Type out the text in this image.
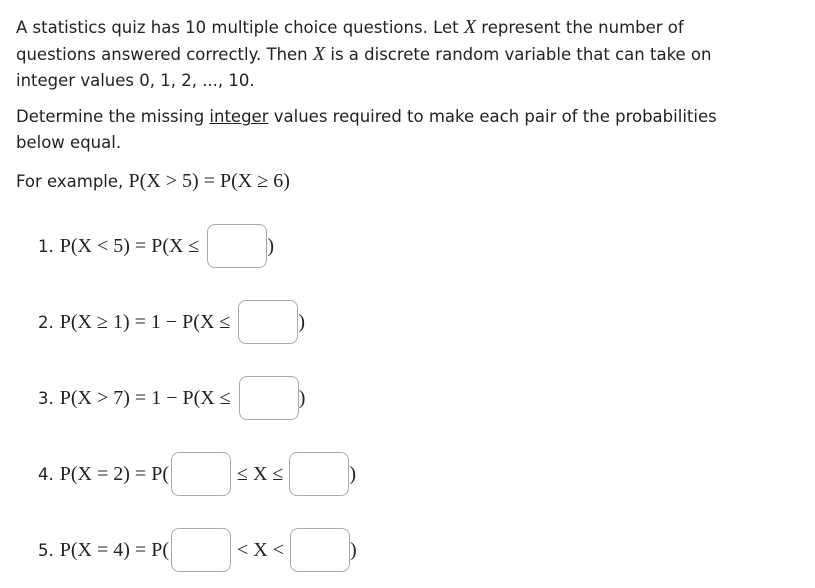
A statistics quiz has 10 multiple choice questions. Let X represent the number of
questions answered correctly. Then X is a discrete random variable that can take on
integer values 0, 1, 2, ..., 10.

Determine the missing integer values required to make each pair of the probabilities
below equal.

For example, P(X > 5) = P(X ≥ 6)

1. P(X < 5) = P(X ≤	)
2. P(X ≥ 1) = 1 − P(X ≤	)
3. P(X > 7) = 1 − P(X ≤	)
4. P(X = 2) = P(	≤ X ≤	)
5. P(X = 4) = P(	< X <	)
